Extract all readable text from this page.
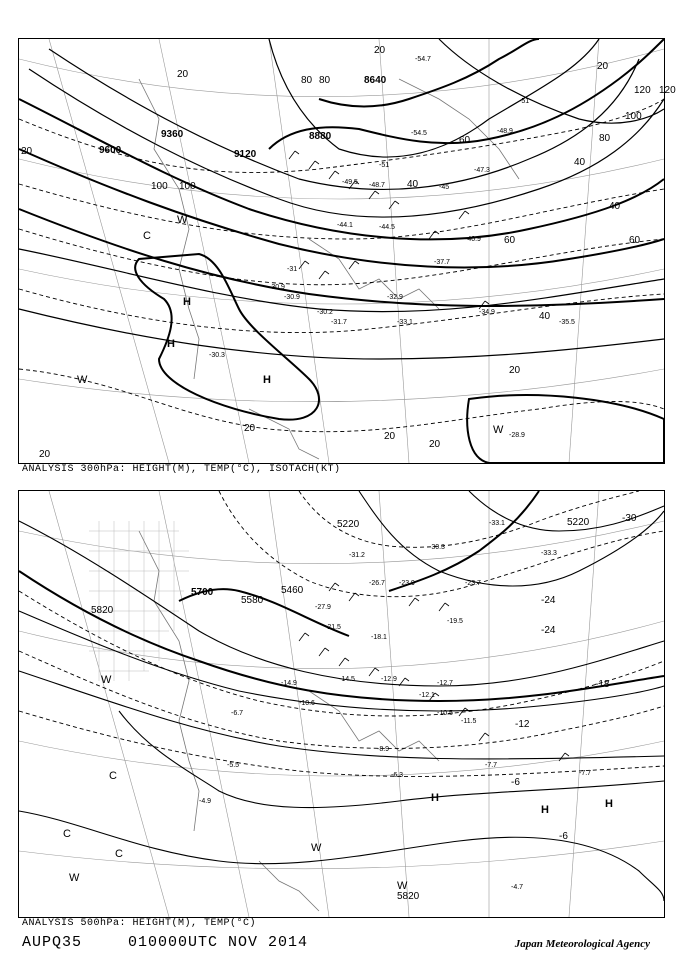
9600
9360
9120
8880
8640
20
20
20
40
60
80
100
120
80
100
20
40
60
80
100
120
40
60
40
20
20
20
20
20
-30.9
-31.7
-30.2
-30.9
-32.9
-33.1
-34.9
-35.5
-37.7
-40.9
-44.1	-44.5
-48.7
-49.5
-51
-54.5
-54.7
-45
-47.3
-48.9
-51
-28.9
-30.3
-31
H
H
H
W
W
C
W
ANALYSIS 300hPa: HEIGHT(M), TEMP(°C), ISOTACH(KT)
5820
5700
5580
5460
5220	5220
5820
-30
-24
-24
-18
-12
-6
-6
-33.1
-30.3
-33.3
-23.7
-19.5
-21.5
-18.1
-12.9
-12.7
-10.5
-11.5
-12.1
-14.5
-14.9
-10.6
-8.9
-6.3
-7.7
-7.7
-4.7
-4.9
-5.5
-6.7
-27.9
-26.7 -23.9
-31.2
H
H	H
W
W
C
C
C
W
W
ANALYSIS 500hPa: HEIGHT(M), TEMP(°C)
AUPQ35	010000UTC NOV 2014	Japan Meteorological Agency
